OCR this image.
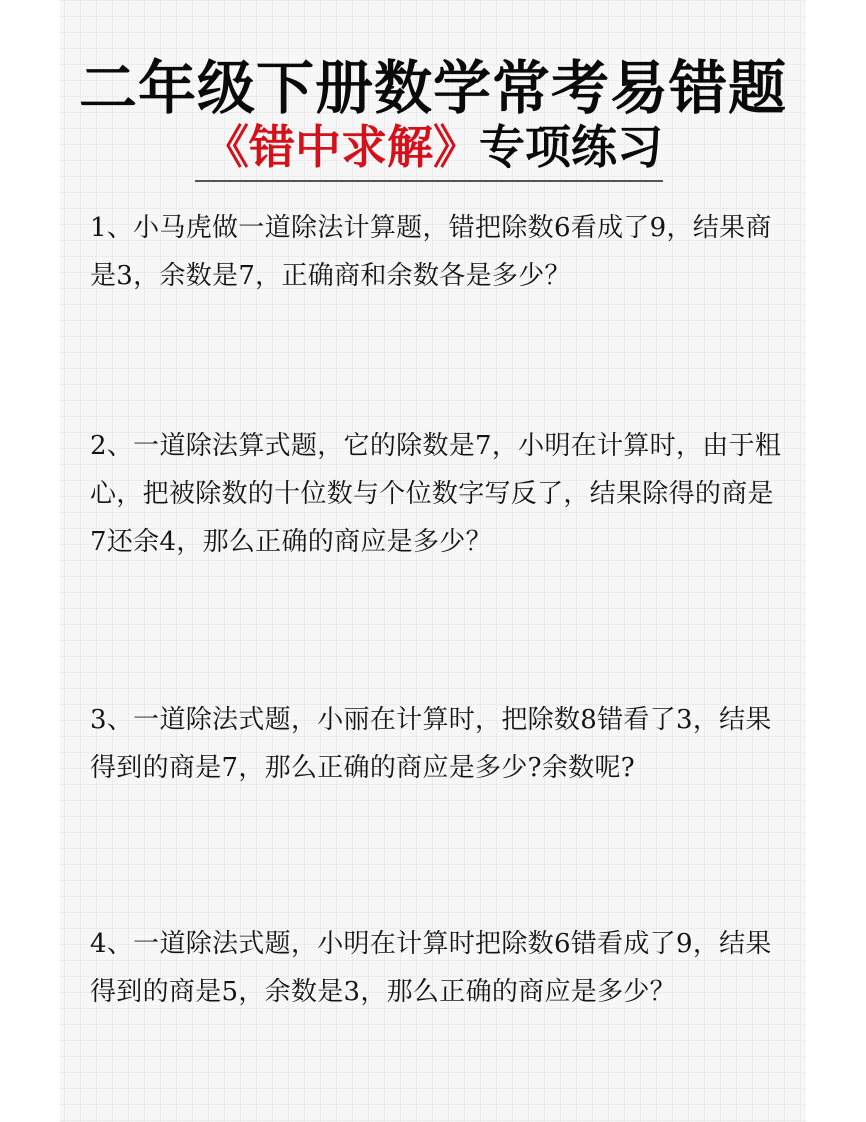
二年级下册数学常考易错题
《错中求解》专项练习
1、小马虎做一道除法计算题，错把除数6看成了9，结果商是3，余数是7，正确商和余数各是多少？
2、一道除法算式题，它的除数是7，小明在计算时，由于粗心，把被除数的十位数与个位数字写反了，结果除得的商是7还余4，那么正确的商应是多少？
3、一道除法式题，小丽在计算时，把除数8错看了3，结果得到的商是7，那么正确的商应是多少?余数呢?
4、一道除法式题，小明在计算时把除数6错看成了9，结果得到的商是5，余数是3，那么正确的商应是多少？
